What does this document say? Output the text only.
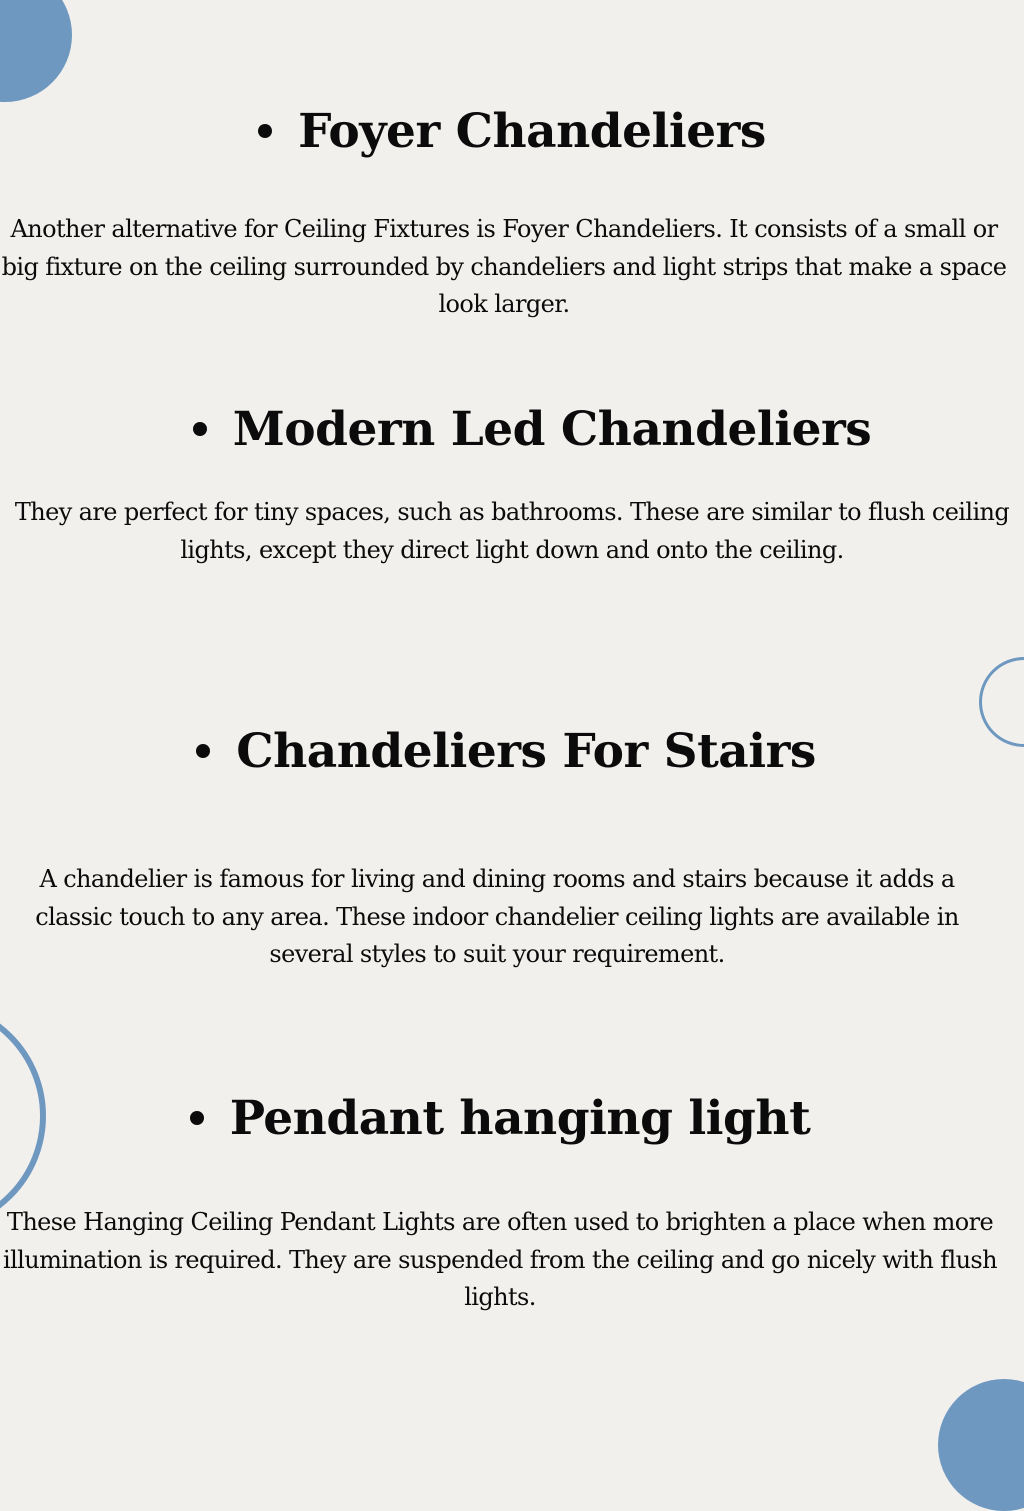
Foyer Chandeliers

Another alternative for Ceiling Fixtures is Foyer Chandeliers. It consists of a small or big fixture on the ceiling surrounded by chandeliers and light strips that make a space look larger.

Modern Led Chandeliers

They are perfect for tiny spaces, such as bathrooms. These are similar to flush ceiling lights, except they direct light down and onto the ceiling.

Chandeliers For Stairs

A chandelier is famous for living and dining rooms and stairs because it adds a classic touch to any area. These indoor chandelier ceiling lights are available in several styles to suit your requirement.

Pendant hanging light

These Hanging Ceiling Pendant Lights are often used to brighten a place when more illumination is required. They are suspended from the ceiling and go nicely with flush lights.
